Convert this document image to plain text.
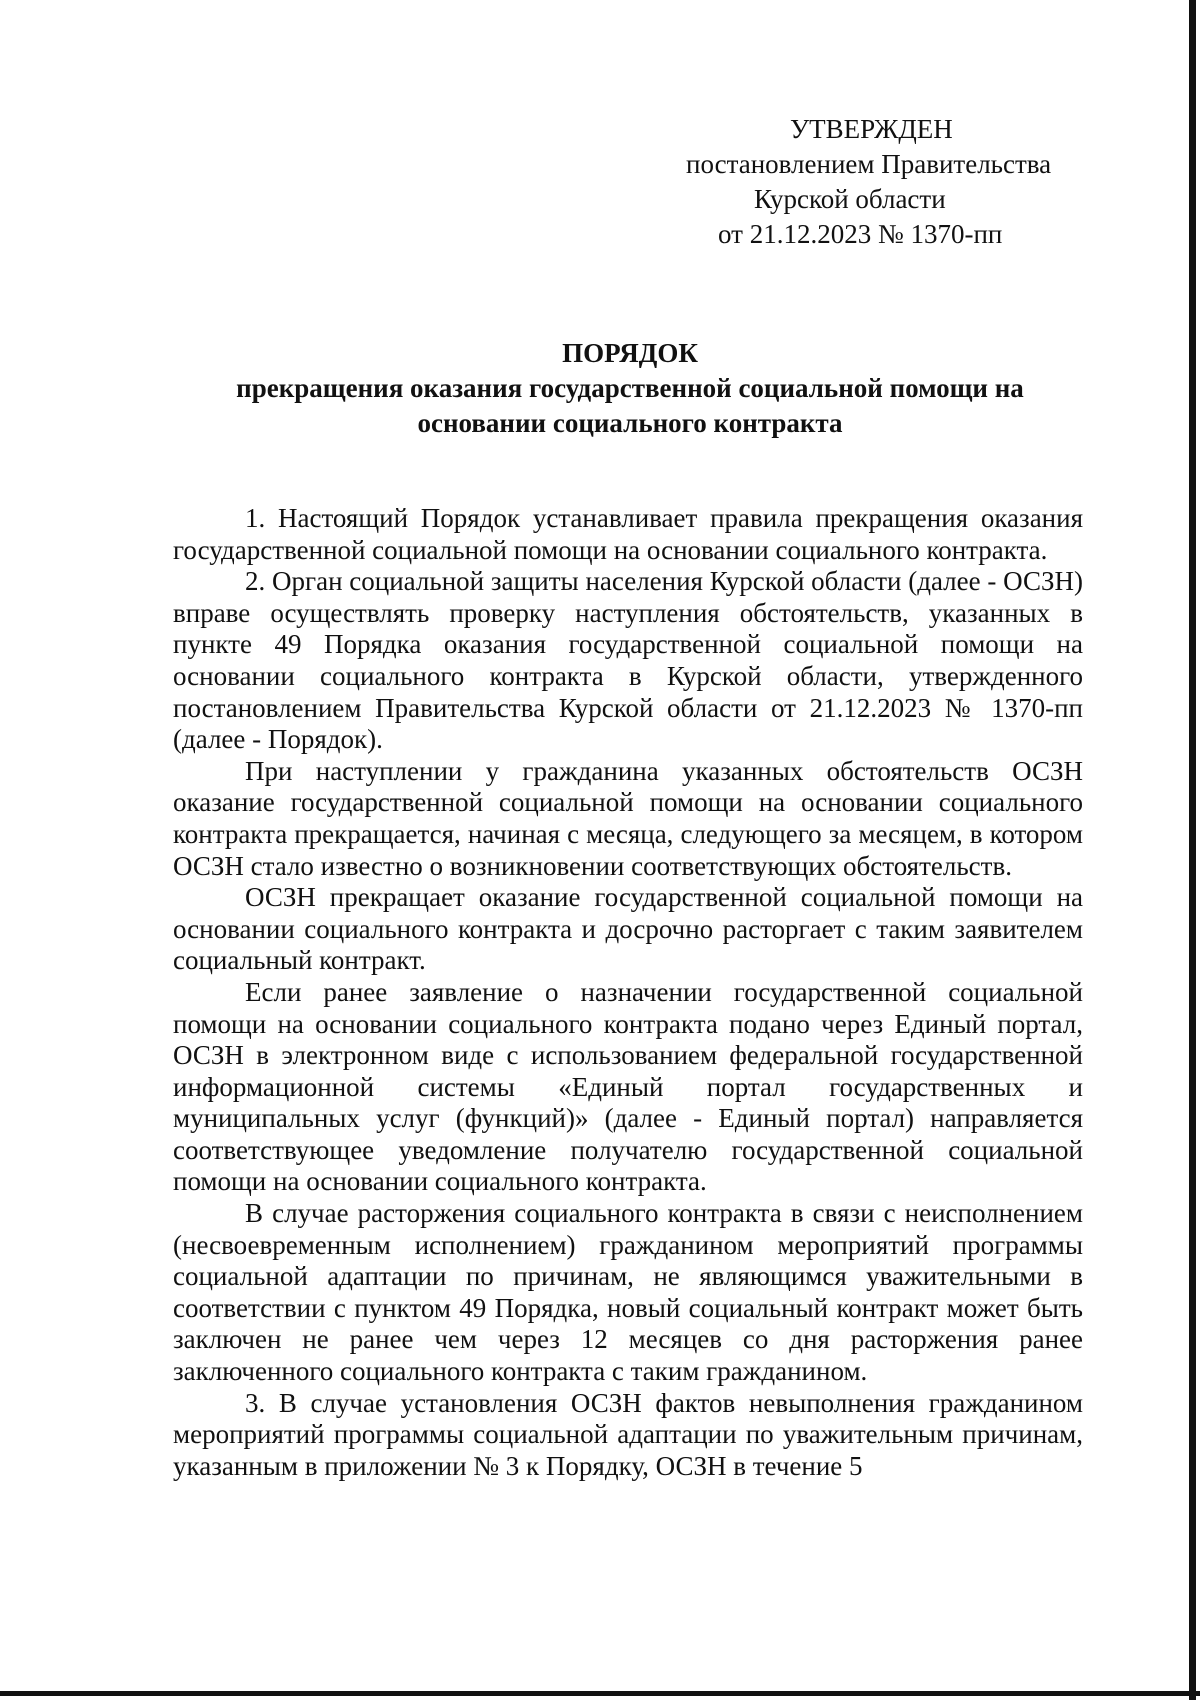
УТВЕРЖДЕН
постановлением Правительства
Курской области
от 21.12.2023 № 1370-пп
ПОРЯДОК
прекращения оказания государственной социальной помощи на основании социального контракта

1. Настоящий Порядок устанавливает правила прекращения оказания государственной социальной помощи на основании социального контракта.

2. Орган социальной защиты населения Курской области (далее - ОСЗН) вправе осуществлять проверку наступления обстоятельств, указанных в пункте 49 Порядка оказания государственной социальной помощи на основании социального контракта в Курской области, утвержденного постановлением Правительства Курской области от 21.12.2023 № 1370-пп (далее - Порядок).

При наступлении у гражданина указанных обстоятельств ОСЗН оказание государственной социальной помощи на основании социального контракта прекращается, начиная с месяца, следующего за месяцем, в котором ОСЗН стало известно о возникновении соответствующих обстоятельств.

ОСЗН прекращает оказание государственной социальной помощи на основании социального контракта и досрочно расторгает с таким заявителем социальный контракт.

Если ранее заявление о назначении государственной социальной помощи на основании социального контракта подано через Единый портал, ОСЗН в электронном виде с использованием федеральной государственной информационной системы «Единый портал государственных и муниципальных услуг (функций)» (далее - Единый портал) направляется соответствующее уведомление получателю государственной социальной помощи на основании социального контракта.

В случае расторжения социального контракта в связи с неисполнением (несвоевременным исполнением) гражданином мероприятий программы социальной адаптации по причинам, не являющимся уважительными в соответствии с пунктом 49 Порядка, новый социальный контракт может быть заключен не ранее чем через 12 месяцев со дня расторжения ранее заключенного социального контракта с таким гражданином.

3. В случае установления ОСЗН фактов невыполнения гражданином мероприятий программы социальной адаптации по уважительным причинам, указанным в приложении № 3 к Порядку, ОСЗН в течение 5
